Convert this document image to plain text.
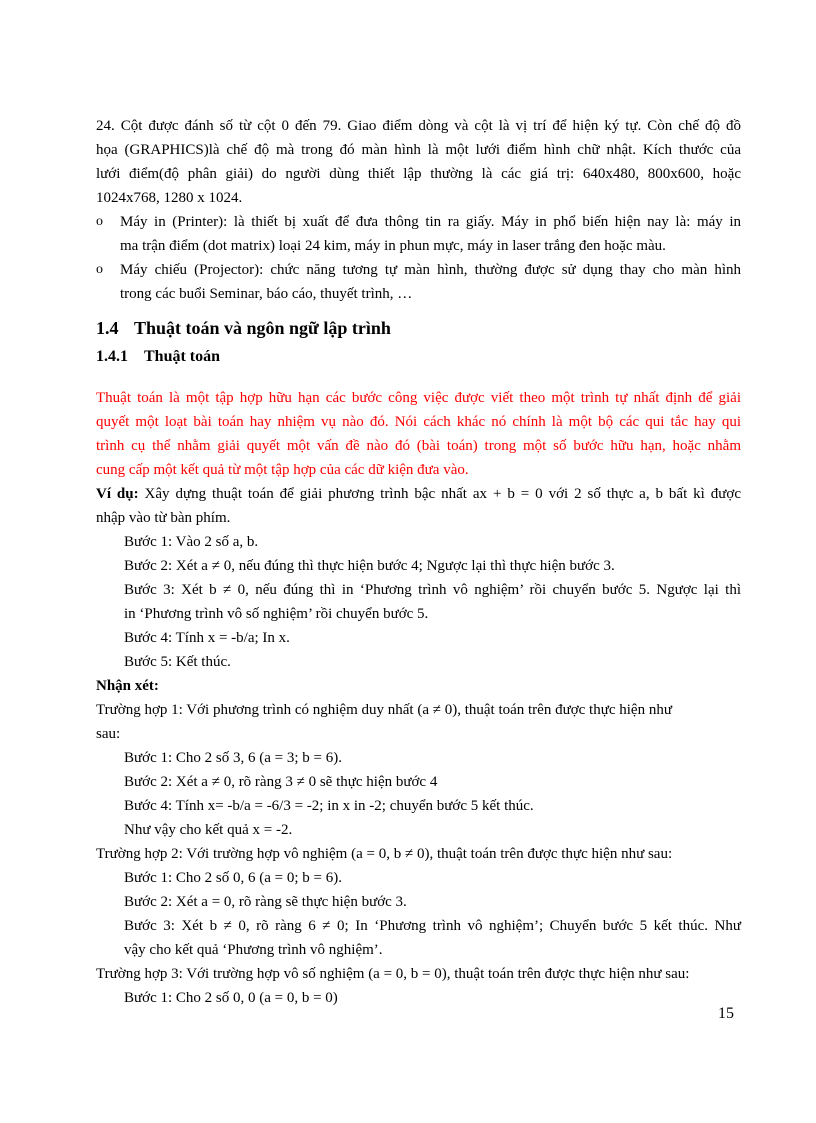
24. Cột được đánh số từ cột 0 đến 79. Giao điểm dòng và cột là vị trí để hiện ký tự. Còn chế độ đồ
họa (GRAPHICS)là chế độ mà trong đó màn hình là một lưới điểm hình chữ nhật. Kích thước của
lưới điểm(độ phân giải) do người dùng thiết lập thường là các giá trị: 640x480, 800x600, hoặc
1024x768, 1280 x 1024.
o Máy in (Printer): là thiết bị xuất để đưa thông tin ra giấy. Máy in phổ biến hiện nay là: máy in
ma trận điểm (dot matrix) loại 24 kim, máy in phun mực, máy in laser trắng đen hoặc màu.
o Máy chiếu (Projector): chức năng tương tự màn hình, thường được sử dụng thay cho màn hình
trong các buổi Seminar, báo cáo, thuyết trình, …
1.4 Thuật toán và ngôn ngữ lập trình
1.4.1 Thuật toán
Thuật toán là một tập hợp hữu hạn các bước công việc được viết theo một trình tự nhất định để giải
quyết một loạt bài toán hay nhiệm vụ nào đó. Nói cách khác nó chính là một bộ các qui tắc hay qui
trình cụ thể nhằm giải quyết một vấn đề nào đó (bài toán) trong một số bước hữu hạn, hoặc nhằm
cung cấp một kết quả từ một tập hợp của các dữ kiện đưa vào.
Ví dụ: Xây dựng thuật toán để giải phương trình bậc nhất ax + b = 0 với 2 số thực a, b bất kì được
nhập vào từ bàn phím.
Bước 1: Vào 2 số a, b.
Bước 2: Xét a ≠ 0, nếu đúng thì thực hiện bước 4; Ngược lại thì thực hiện bước 3.
Bước 3: Xét b ≠ 0, nếu đúng thì in ‘Phương trình vô nghiệm’ rồi chuyển bước 5. Ngược lại thì
in ‘Phương trình vô số nghiệm’ rồi chuyển bước 5.
Bước 4: Tính x = -b/a; In x.
Bước 5: Kết thúc.
Nhận xét:
Trường hợp 1: Với phương trình có nghiệm duy nhất (a ≠ 0), thuật toán trên được thực hiện như
sau:
Bước 1: Cho 2 số 3, 6 (a = 3; b = 6).
Bước 2: Xét a ≠ 0, rõ ràng 3 ≠ 0 sẽ thực hiện bước 4
Bước 4: Tính x= -b/a = -6/3 = -2; in x in -2; chuyển bước 5 kết thúc.
Như vậy cho kết quả x = -2.
Trường hợp 2: Với trường hợp vô nghiệm (a = 0, b ≠ 0), thuật toán trên được thực hiện như sau:
Bước 1: Cho 2 số 0, 6 (a = 0; b = 6).
Bước 2: Xét a = 0, rõ ràng sẽ thực hiện bước 3.
Bước 3: Xét b ≠ 0, rõ ràng 6 ≠ 0; In ‘Phương trình vô nghiệm’; Chuyển bước 5 kết thúc. Như
vậy cho kết quả ‘Phương trình vô nghiệm’.
Trường hợp 3: Với trường hợp vô số nghiệm (a = 0, b = 0), thuật toán trên được thực hiện như sau:
Bước 1: Cho 2 số 0, 0 (a = 0, b = 0)
15
